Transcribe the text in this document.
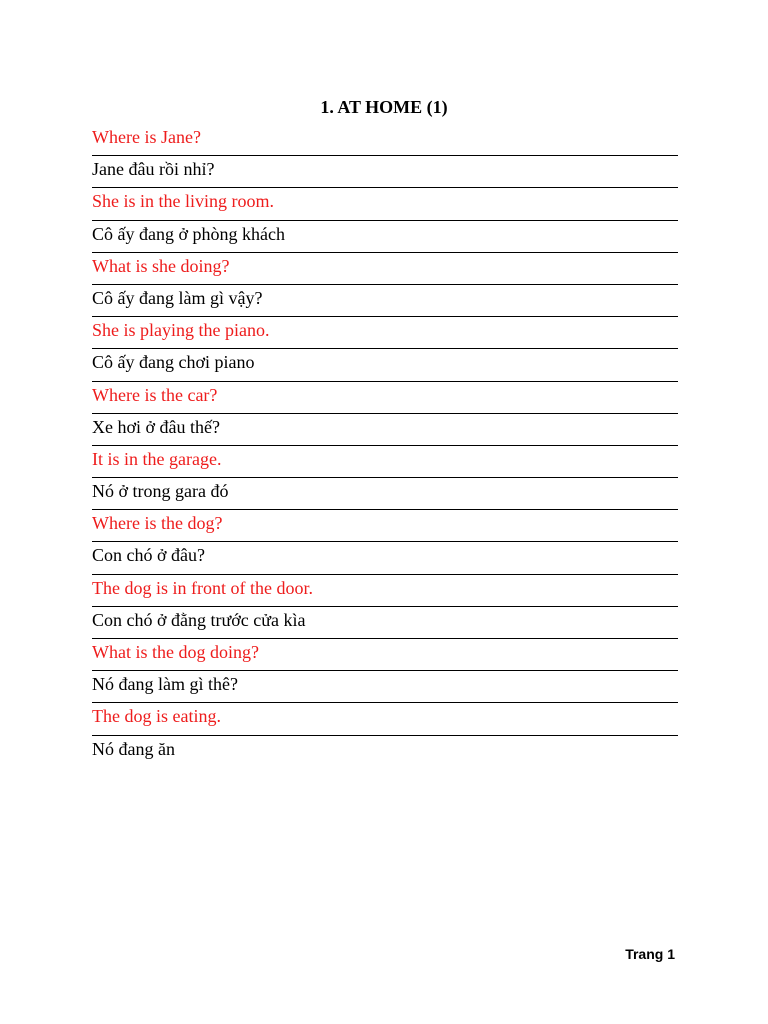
1. AT HOME (1)
Where is Jane?
Jane đâu rồi nhỉ?
She is in the living room.
Cô ấy đang ở phòng khách
What is she doing?
Cô ấy đang làm gì vậy?
She is playing the piano.
Cô ấy đang chơi piano
Where is the car?
Xe hơi ở đâu thế?
It is in the garage.
Nó ở trong gara đó
Where is the dog?
Con chó ở đâu?
The dog is in front of the door.
Con chó ở đằng trước cửa kìa
What is the dog doing?
Nó đang làm gì thê?
The dog is eating.
Nó đang ăn
Trang 1
